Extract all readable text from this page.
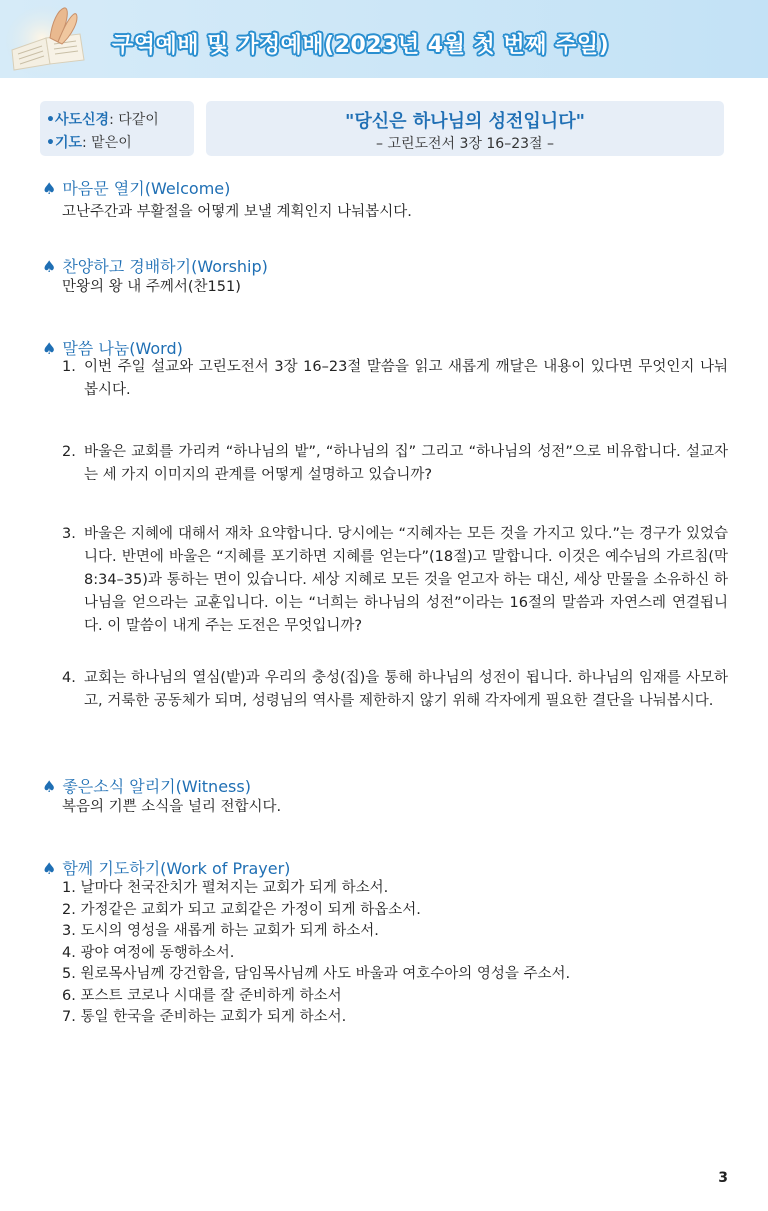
구역예배 및 가정예배(2023년 4월 첫 번째 주일)
•사도신경: 다같이
•기도: 맡은이
"당신은 하나님의 성전입니다"
– 고린도전서 3장 16–23절 –
♠ 마음문 열기(Welcome)
고난주간과 부활절을 어떻게 보낼 계획인지 나눠봅시다.
♠ 찬양하고 경배하기(Worship)
만왕의 왕 내 주께서(찬151)
♠ 말씀 나눔(Word)
1. 이번 주일 설교와 고린도전서 3장 16–23절 말씀을 읽고 새롭게 깨달은 내용이 있다면 무엇인지 나눠봅시다.
2. 바울은 교회를 가리켜 “하나님의 밭”, “하나님의 집” 그리고 “하나님의 성전”으로 비유합니다. 설교자는 세 가지 이미지의 관계를 어떻게 설명하고 있습니까?
3. 바울은 지혜에 대해서 재차 요약합니다. 당시에는 “지혜자는 모든 것을 가지고 있다.”는 경구가 있었습니다. 반면에 바울은 “지혜를 포기하면 지혜를 얻는다”(18절)고 말합니다. 이것은 예수님의 가르침(막 8:34–35)과 통하는 면이 있습니다. 세상 지혜로 모든 것을 얻고자 하는 대신, 세상 만물을 소유하신 하나님을 얻으라는 교훈입니다. 이는 “너희는 하나님의 성전”이라는 16절의 말씀과 자연스레 연결됩니다. 이 말씀이 내게 주는 도전은 무엇입니까?
4. 교회는 하나님의 열심(밭)과 우리의 충성(집)을 통해 하나님의 성전이 됩니다. 하나님의 임재를 사모하고, 거룩한 공동체가 되며, 성령님의 역사를 제한하지 않기 위해 각자에게 필요한 결단을 나눠봅시다.
♠ 좋은소식 알리기(Witness)
복음의 기쁜 소식을 널리 전합시다.
♠ 함께 기도하기(Work of Prayer)
1. 날마다 천국잔치가 펼쳐지는 교회가 되게 하소서.
2. 가정같은 교회가 되고 교회같은 가정이 되게 하옵소서.
3. 도시의 영성을 새롭게 하는 교회가 되게 하소서.
4. 광야 여정에 동행하소서.
5. 원로목사님께 강건함을, 담임목사님께 사도 바울과 여호수아의 영성을 주소서.
6. 포스트 코로나 시대를 잘 준비하게 하소서
7. 통일 한국을 준비하는 교회가 되게 하소서.
3
